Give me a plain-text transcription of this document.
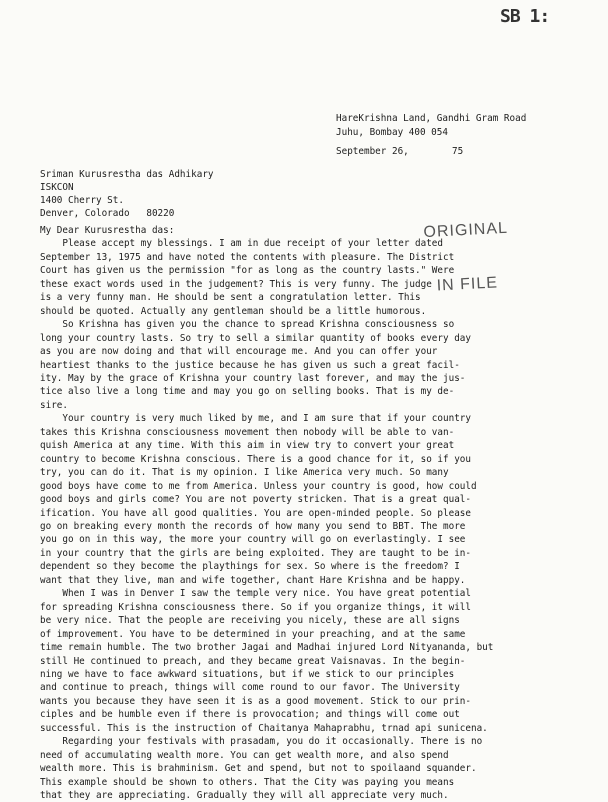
SB 1:
HareKrishna Land, Gandhi Gram Road
Juhu, Bombay 400 054
September 26,	75
Sriman Kurusrestha das Adhikary
ISKCON
1400 Cherry St.
Denver, Colorado   80220

ORIGINAL

IN FILE

My Dear Kurusrestha das:
Please accept my blessings. I am in due receipt of your letter dated
September 13, 1975 and have noted the contents with pleasure. The District
Court has given us the permission "for as long as the country lasts." Were
these exact words used in the judgement? This is very funny. The judge
is a very funny man. He should be sent a congratulation letter. This
should be quoted. Actually any gentleman should be a little humorous.
So Krishna has given you the chance to spread Krishna consciousness so
long your country lasts. So try to sell a similar quantity of books every day
as you are now doing and that will encourage me. And you can offer your
heartiest thanks to the justice because he has given us such a great facil-
ity. May by the grace of Krishna your country last forever, and may the jus-
tice also live a long time and may you go on selling books. That is my de-
sire.
Your country is very much liked by me, and I am sure that if your country
takes this Krishna consciousness movement then nobody will be able to van-
quish America at any time. With this aim in view try to convert your great
country to become Krishna conscious. There is a good chance for it, so if you
try, you can do it. That is my opinion. I like America very much. So many
good boys have come to me from America. Unless your country is good, how could
good boys and girls come? You are not poverty stricken. That is a great qual-
ification. You have all good qualities. You are open-minded people. So please
go on breaking every month the records of how many you send to BBT. The more
you go on in this way, the more your country will go on everlastingly. I see
in your country that the girls are being exploited. They are taught to be in-
dependent so they become the playthings for sex. So where is the freedom? I
want that they live, man and wife together, chant Hare Krishna and be happy.
When I was in Denver I saw the temple very nice. You have great potential
for spreading Krishna consciousness there. So if you organize things, it will
be very nice. That the people are receiving you nicely, these are all signs
of improvement. You have to be determined in your preaching, and at the same
time remain humble. The two brother Jagai and Madhai injured Lord Nityananda, but
still He continued to preach, and they became great Vaisnavas. In the begin-
ning we have to face awkward situations, but if we stick to our principles
and continue to preach, things will come round to our favor. The University
wants you because they have seen it is as a good movement. Stick to our prin-
ciples and be humble even if there is provocation; and things will come out
successful. This is the instruction of Chaitanya Mahaprabhu, trnad api sunicena.
Regarding your festivals with prasadam, you do it occasionally. There is no
need of accumulating wealth more. You can get wealth more, and also spend
wealth more. This is brahminism. Get and spend, but not to spoilaand squander.
This example should be shown to others. That the City was paying you means
that they are appreciating. Gradually they will all appreciate very much.
